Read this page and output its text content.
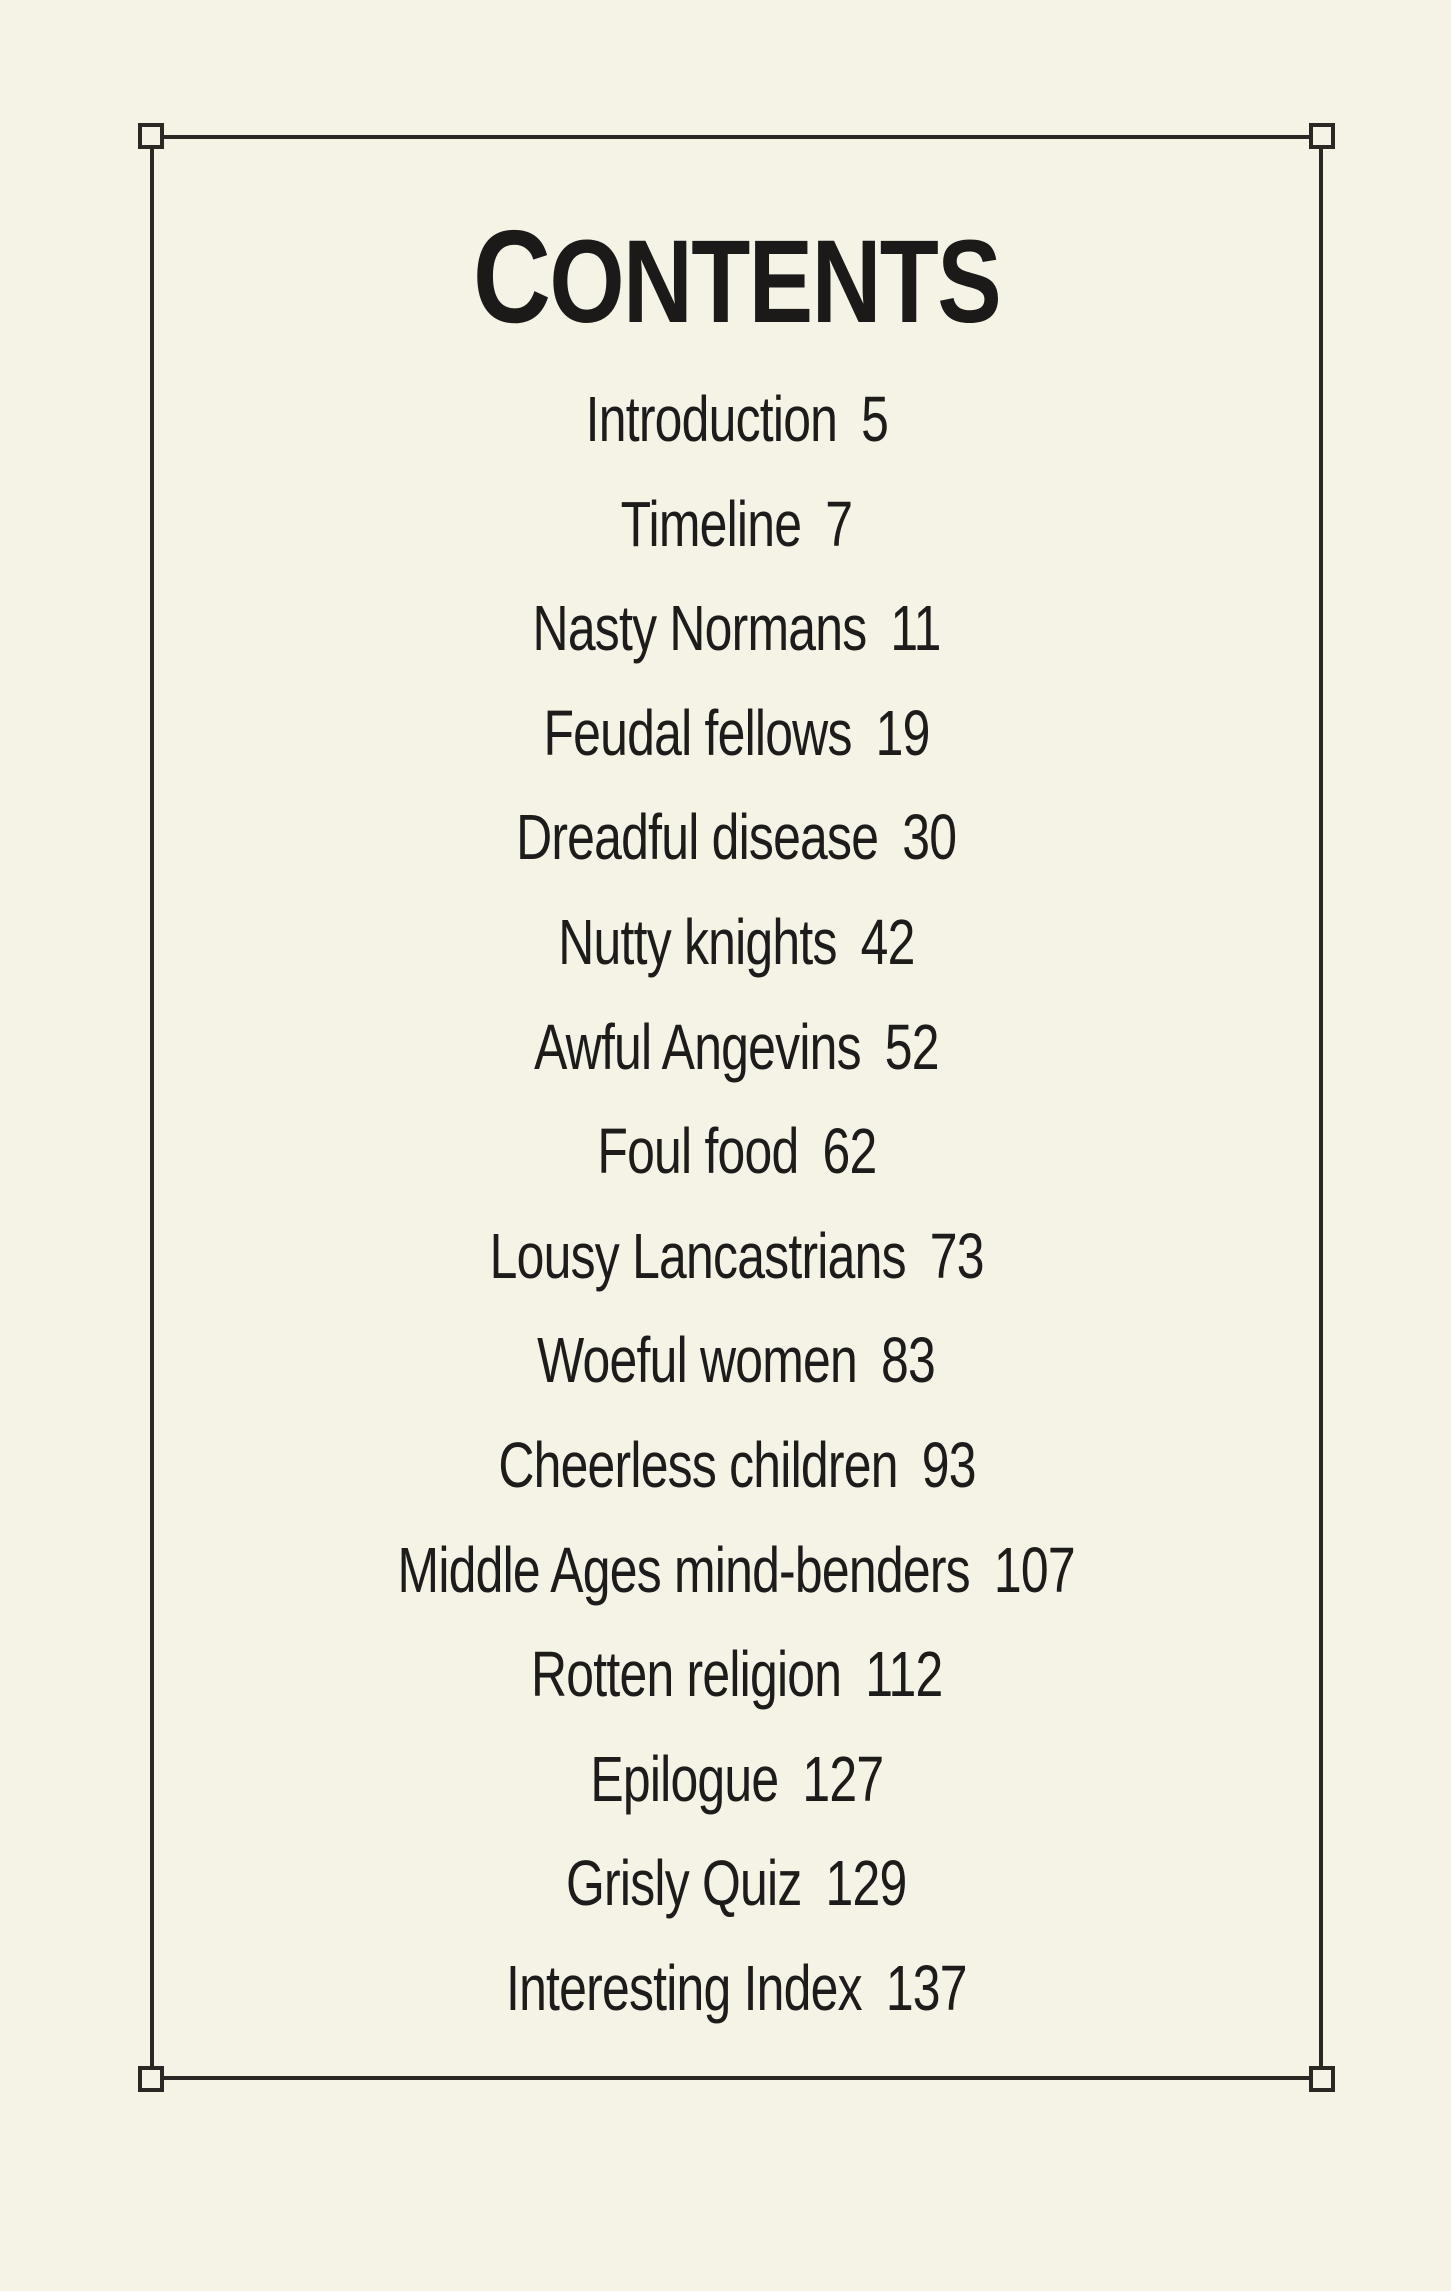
CONTENTS
Introduction 5
Timeline 7
Nasty Normans 11
Feudal fellows 19
Dreadful disease 30
Nutty knights 42
Awful Angevins 52
Foul food 62
Lousy Lancastrians 73
Woeful women 83
Cheerless children 93
Middle Ages mind-benders 107
Rotten religion 112
Epilogue 127
Grisly Quiz 129
Interesting Index 137
